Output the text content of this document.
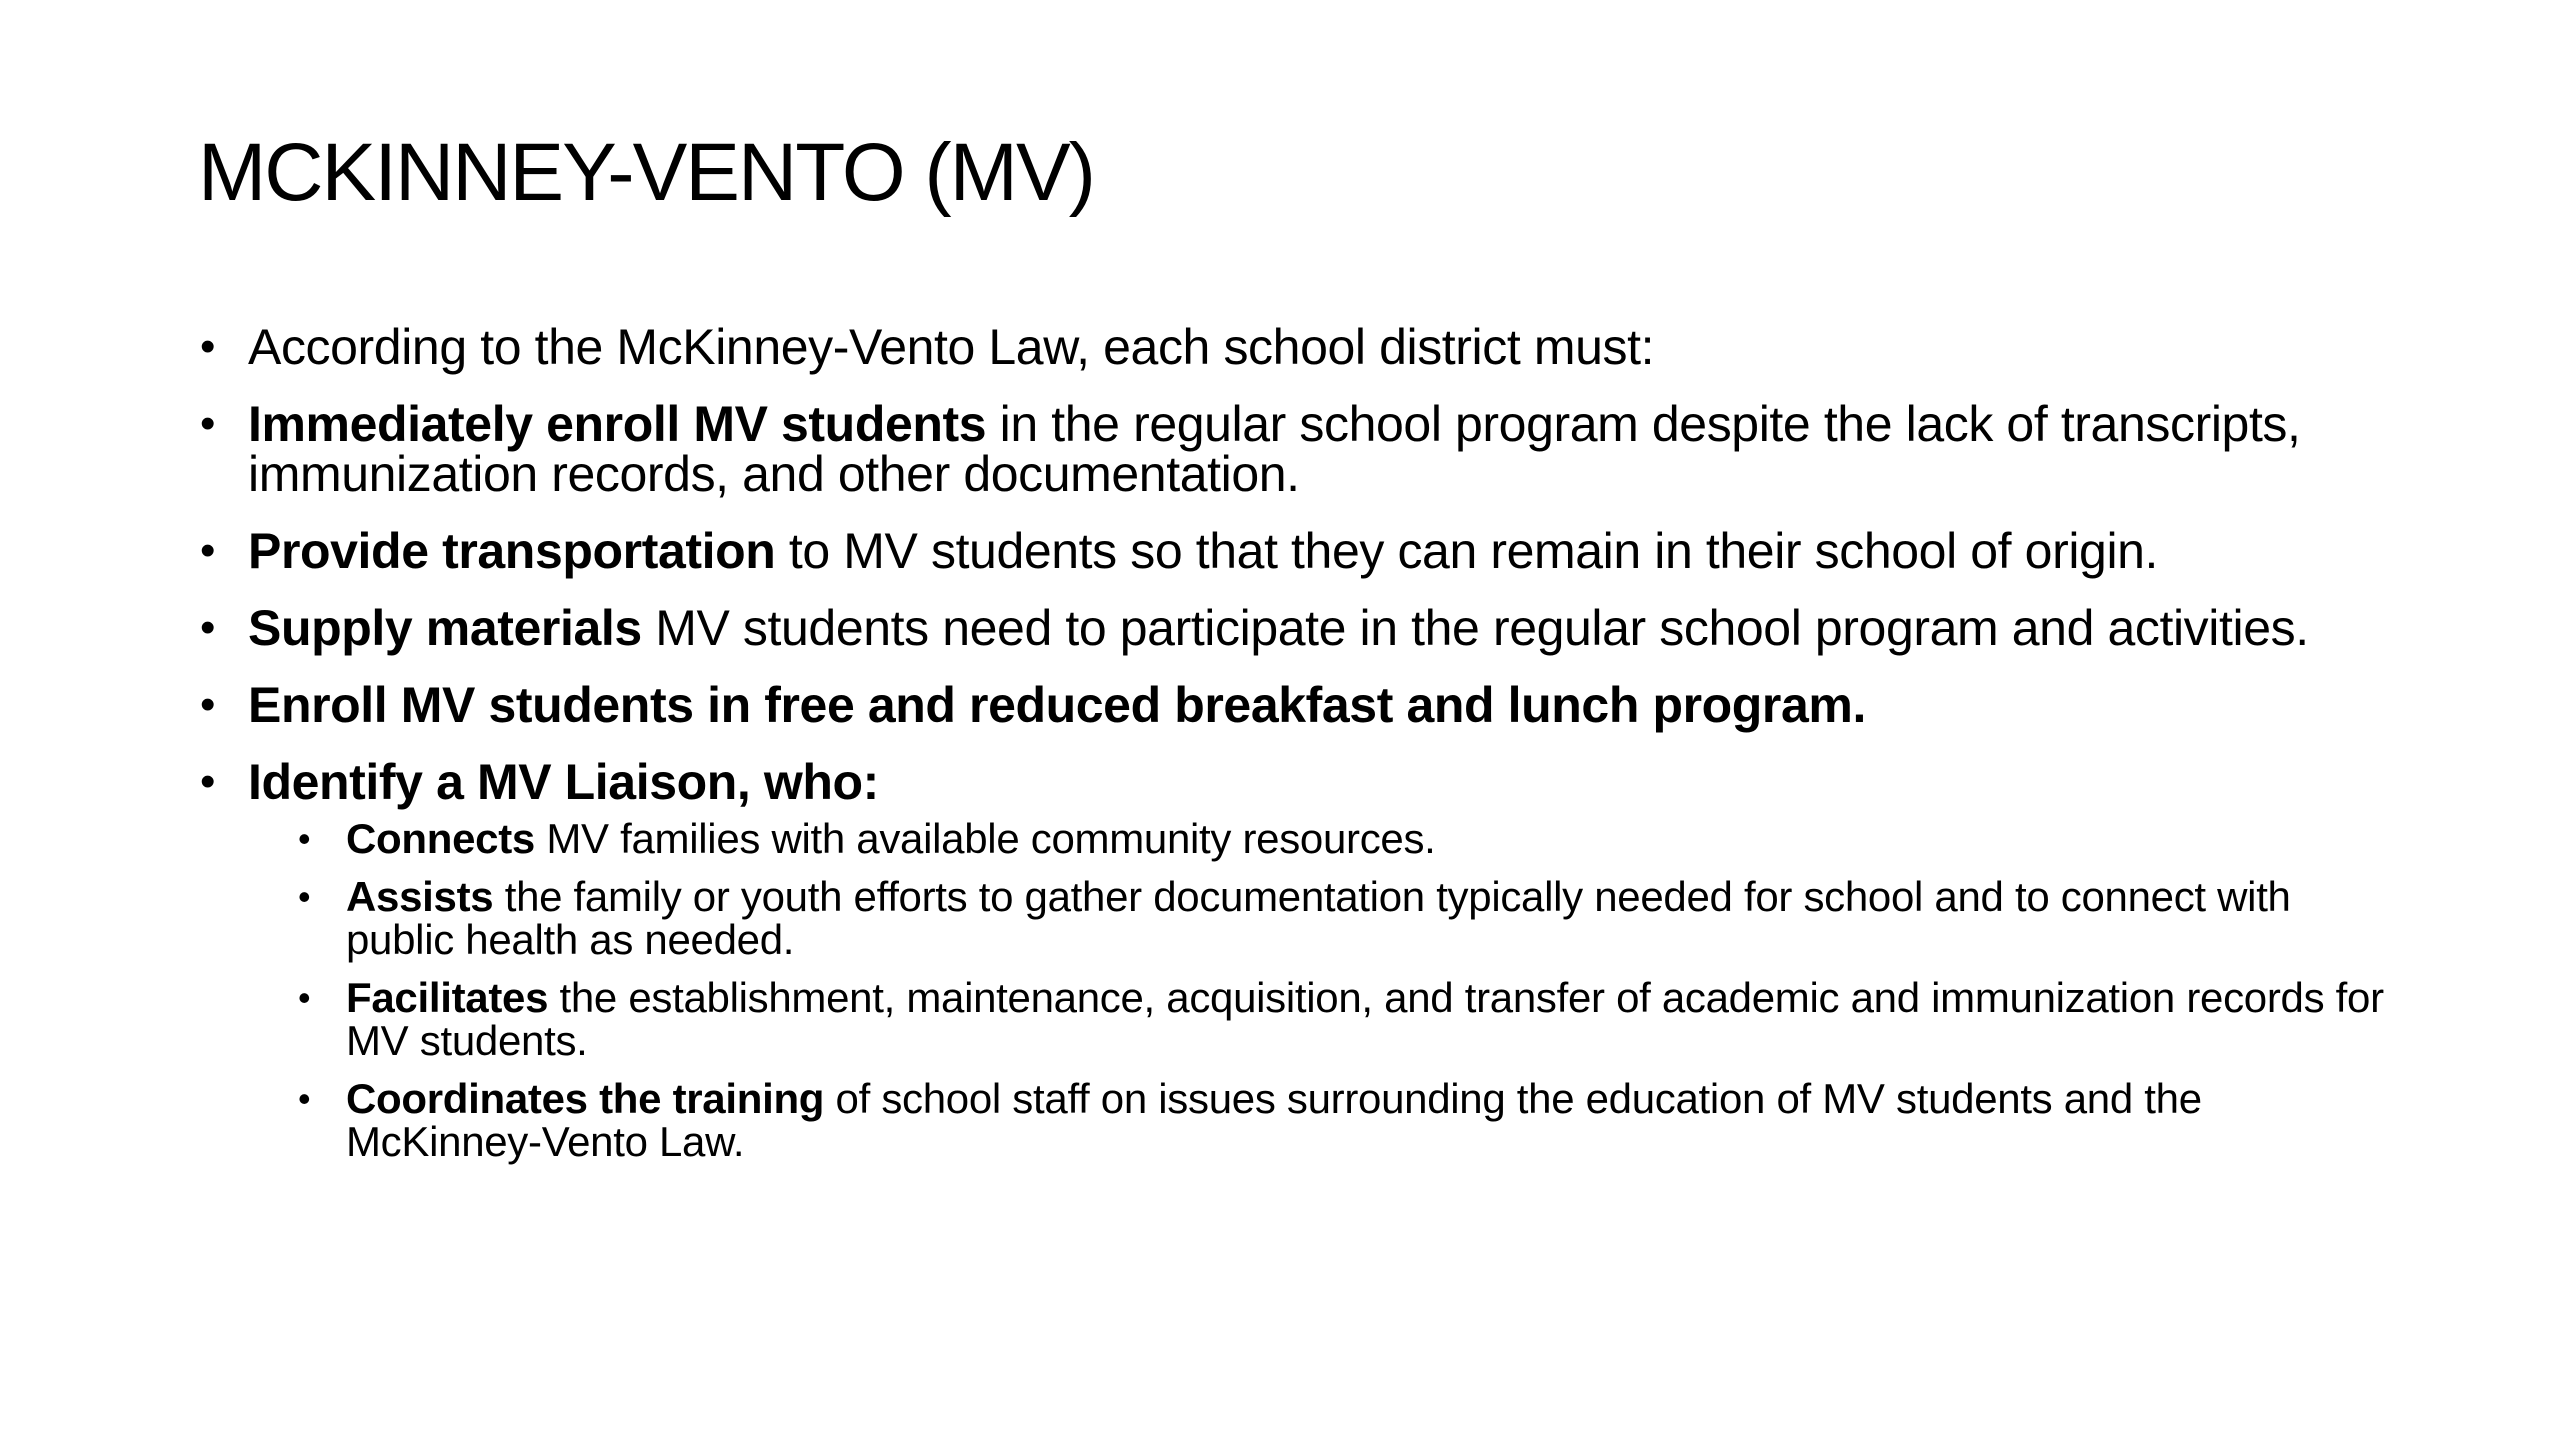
MCKINNEY-VENTO (MV)
• According to the McKinney-Vento Law, each school district must:
• Immediately enroll MV students in the regular school program despite the lack of transcripts, immunization records, and other documentation.
• Provide transportation to MV students so that they can remain in their school of origin.
• Supply materials MV students need to participate in the regular school program and activities.
• Enroll MV students in free and reduced breakfast and lunch program.
• Identify a MV Liaison, who:
• Connects MV families with available community resources.
• Assists the family or youth efforts to gather documentation typically needed for school and to connect with public health as needed.
• Facilitates the establishment, maintenance, acquisition, and transfer of academic and immunization records for MV students.
• Coordinates the training of school staff on issues surrounding the education of MV students and the McKinney-Vento Law.
